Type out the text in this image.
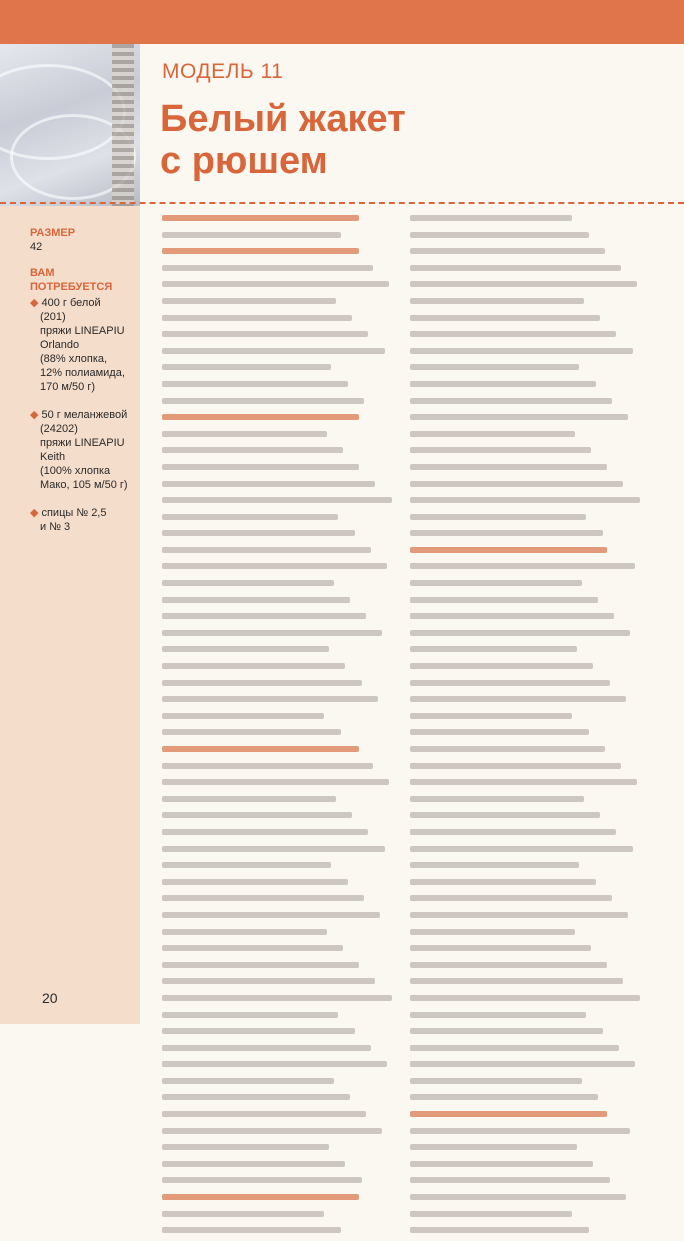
МОДЕЛЬ 11
Белый жакет
с рюшем
РАЗМЕР
42
ВАМ ПОТРЕБУЕТСЯ
◆ 400 г белой
(201)
пряжи LINEAPIU
Orlando
(88% хлопка,
12% полиамида,
170 м/50 г)
◆ 50 г меланжевой
(24202)
пряжи LINEAPIU
Keith
(100% хлопка
Мако, 105 м/50 г)
◆ спицы № 2,5
и № 3
20
